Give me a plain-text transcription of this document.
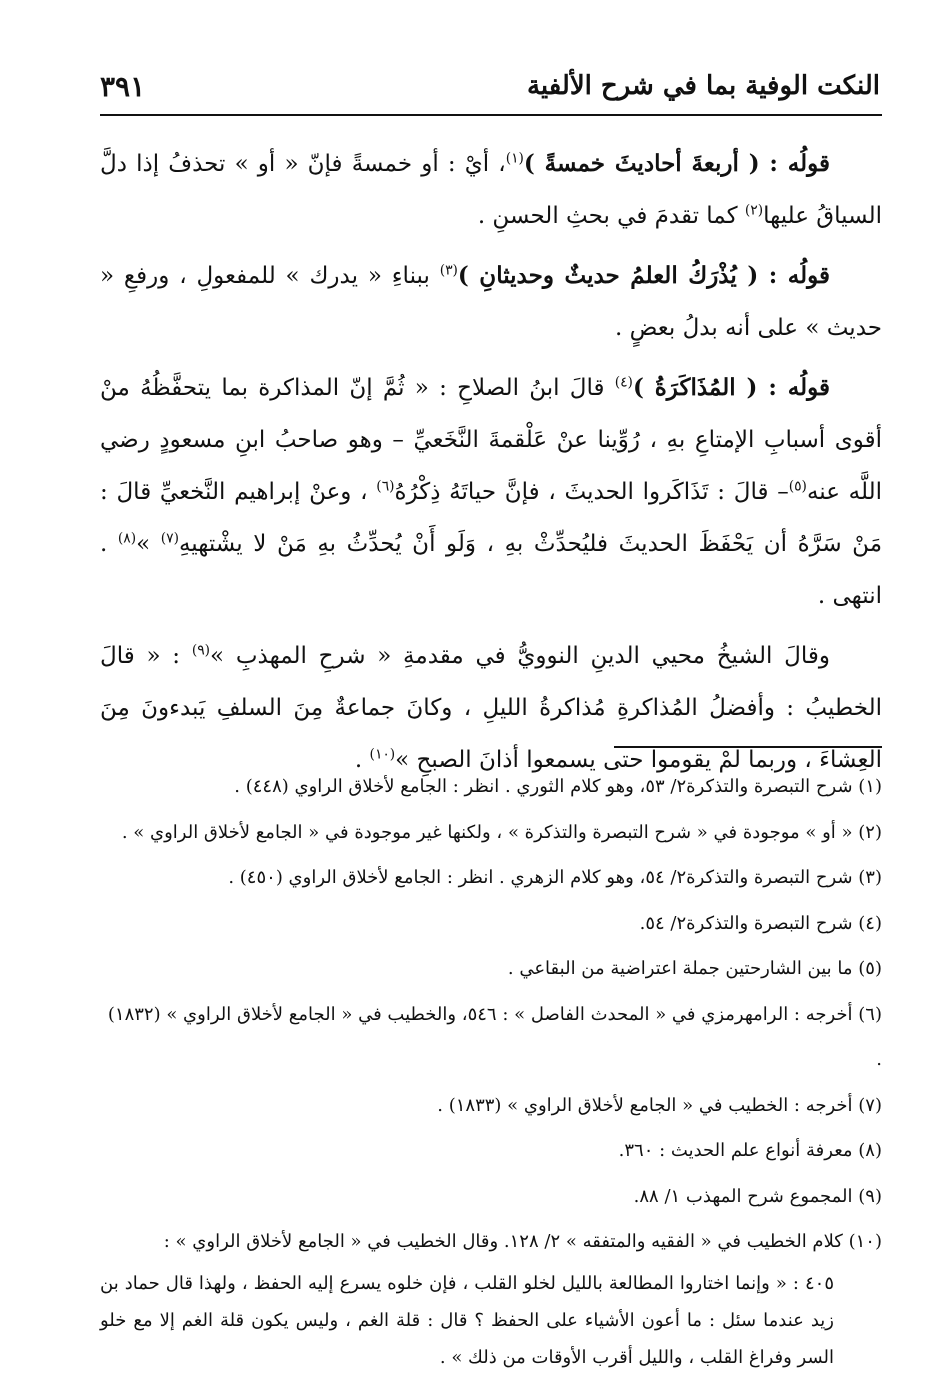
النكت الوفية بما في شرح الألفية
٣٩١

قولُه : ( أربعةَ أحاديثَ خمسةً )$^{(١)}$، أيْ : أو خمسةً فإنّ « أو » تحذفُ إذا دلَّ السياقُ عليها$^{(٢)}$ كما تقدمَ في بحثِ الحسنِ .

قولُه : ( يُذْرَكُ العلمُ حديثٌ وحديثانِ )$^{(٣)}$ ببناءِ « يدرك » للمفعولِ ، ورفعِ « حديث » على أنه بدلُ بعضٍ .

قولُه : ( المُذَاكَرَةُ )$^{(٤)}$ قالَ ابنُ الصلاحِ : « ثُمَّ إنّ المذاكرة بما يتحفَّظُهُ منْ أقوى أسبابِ الإمتاعِ بهِ ، رُوِّينا عنْ عَلْقمةَ النَّخَعيِّ – وهو صاحبُ ابنِ مسعودٍ رضي اللَّه عنه$^{(٥)}$– قالَ : تَذَاكَروا الحديثَ ، فإنَّ حياتَهُ ذِكْرُهُ$^{(٦)}$ ، وعنْ إبراهيم النَّخعيِّ قالَ : مَنْ سَرَّهُ أن يَحْفَظَ الحديثَ فليُحدِّثْ بهِ ، وَلَو أَنْ يُحدِّثُ بهِ مَنْ لا يشْتهيهِ$^{(٧)}$ »$^{(٨)}$ . انتهى .

وقالَ الشيخُ محيي الدينِ النوويُّ في مقدمةِ « شرحِ المهذبِ »$^{(٩)}$ : « قالَ الخطيبُ : وأفضلُ المُذاكرةِ مُذاكرةُ الليلِ ، وكانَ جماعةٌ مِنَ السلفِ يَبدءونَ مِنَ العِشاءَ ، وربما لمْ يقوموا حتى يسمعوا أذانَ الصبحِ »$^{(١٠)}$ .

(١) شرح التبصرة والتذكرة٢/ ٥٣، وهو كلام الثوري . انظر : الجامع لأخلاق الراوي (٤٤٨) .

(٢) « أو » موجودة في « شرح التبصرة والتذكرة » ، ولكنها غير موجودة في « الجامع لأخلاق الراوي » .

(٣) شرح التبصرة والتذكرة٢/ ٥٤، وهو كلام الزهري . انظر : الجامع لأخلاق الراوي (٤٥٠) .

(٤) شرح التبصرة والتذكرة٢/ ٥٤.

(٥) ما بين الشارحتين جملة اعتراضية من البقاعي .

(٦) أخرجه : الرامهرمزي في « المحدث الفاصل » : ٥٤٦، والخطيب في « الجامع لأخلاق الراوي » (١٨٣٢) .

(٧) أخرجه : الخطيب في « الجامع لأخلاق الراوي » (١٨٣٣) .

(٨) معرفة أنواع علم الحديث : ٣٦٠.

(٩) المجموع شرح المهذب ١/ ٨٨.

(١٠) كلام الخطيب في « الفقيه والمتفقه » ٢/ ١٢٨. وقال الخطيب في « الجامع لأخلاق الراوي » :

٤٠٥ : « وإنما اختاروا المطالعة بالليل لخلو القلب ، فإن خلوه يسرع إليه الحفظ ، ولهذا قال حماد بن زيد عندما سئل : ما أعون الأشياء على الحفظ ؟ قال : قلة الغم ، وليس يكون قلة الغم إلا مع خلو السر وفراغ القلب ، والليل أقرب الأوقات من ذلك » .
